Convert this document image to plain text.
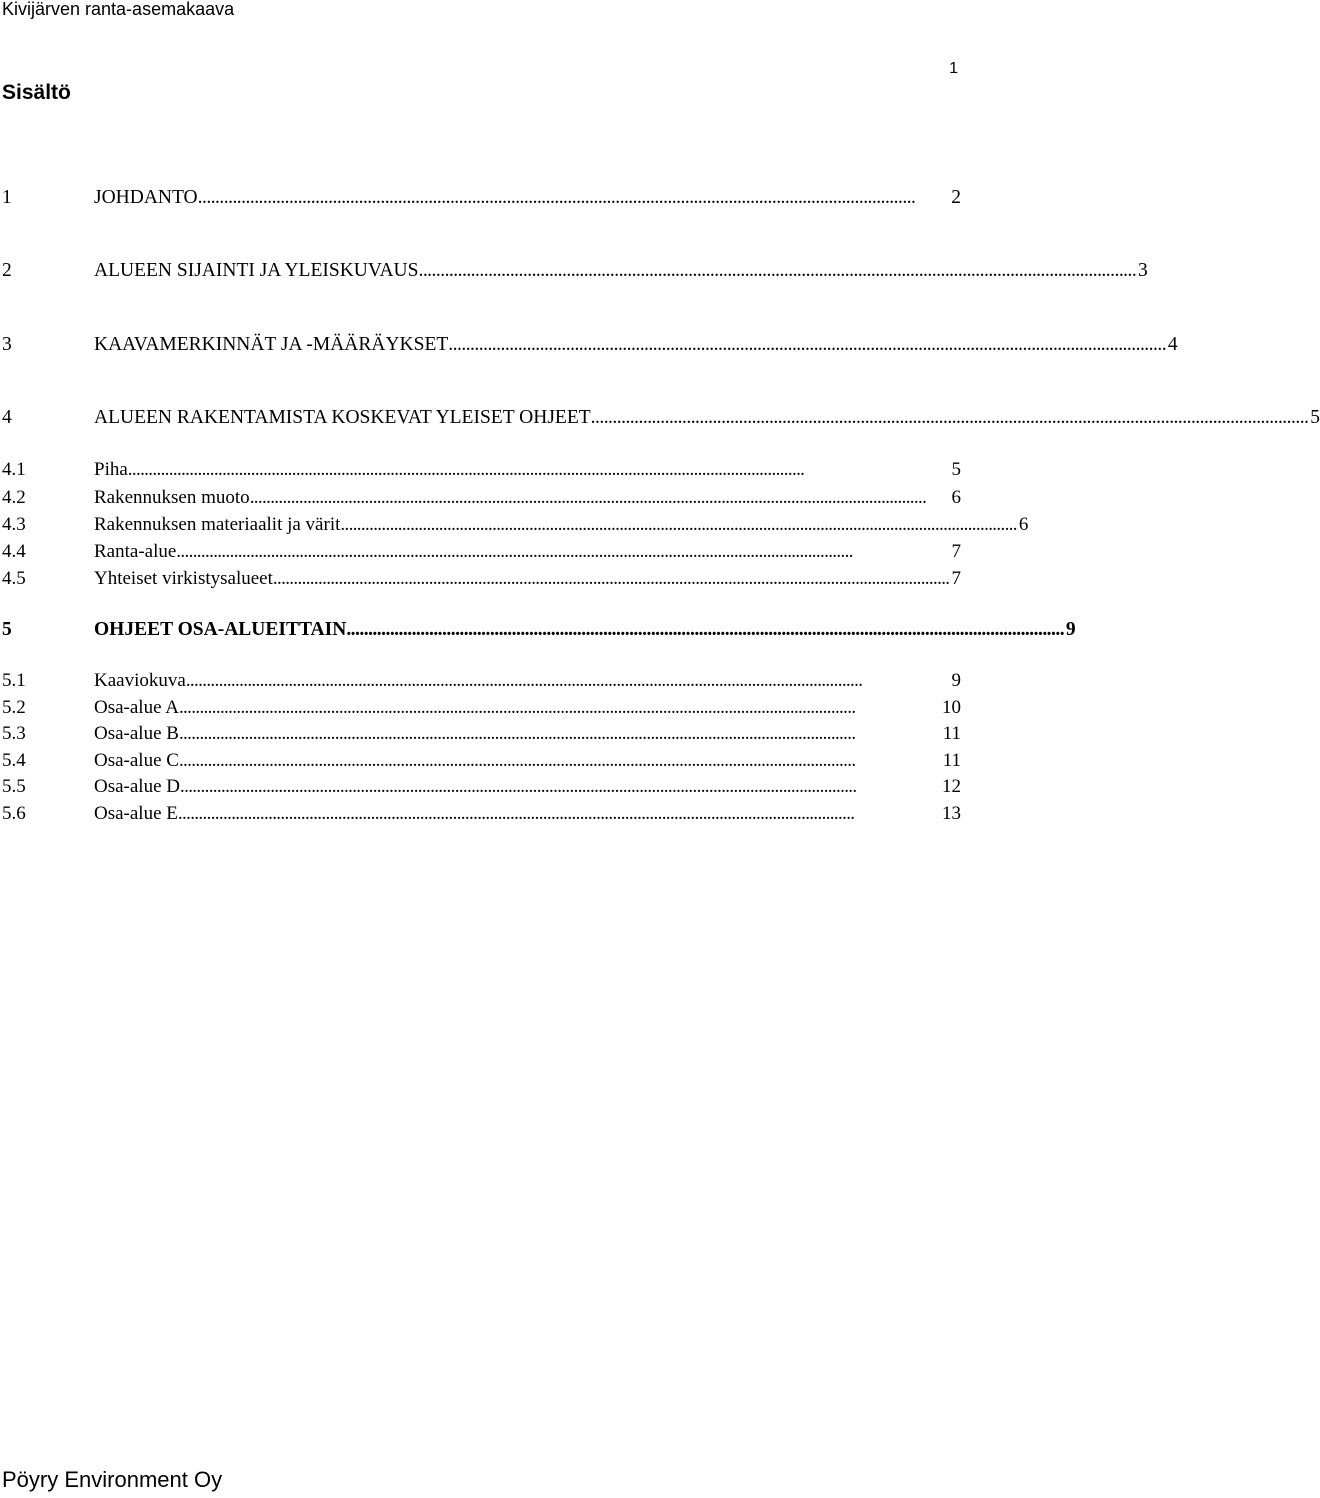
Kivijärven ranta-asemakaava
1
Sisältö
1	JOHDANTO . . .	2
2	ALUEEN SIJAINTI JA YLEISKUVAUS . . .	3
3	KAAVAMERKINNÄT JA -MÄÄRÄYKSET . . .	4
4	ALUEEN RAKENTAMISTA KOSKEVAT YLEISET OHJEET . . .	5
4.1	Piha . . .	5
4.2	Rakennuksen muoto . . .	6
4.3	Rakennuksen materiaalit ja värit . . .	6
4.4	Ranta-alue . . .	7
4.5	Yhteiset virkistysalueet . . .	7
5	OHJEET OSA-ALUEITTAIN . . .	9
5.1	Kaaviokuva . . .	9
5.2	Osa-alue A . . .	10
5.3	Osa-alue B . . .	11
5.4	Osa-alue C . . .	11
5.5	Osa-alue D . . .	12
5.6	Osa-alue E . . .	13
Pöyry Environment Oy
